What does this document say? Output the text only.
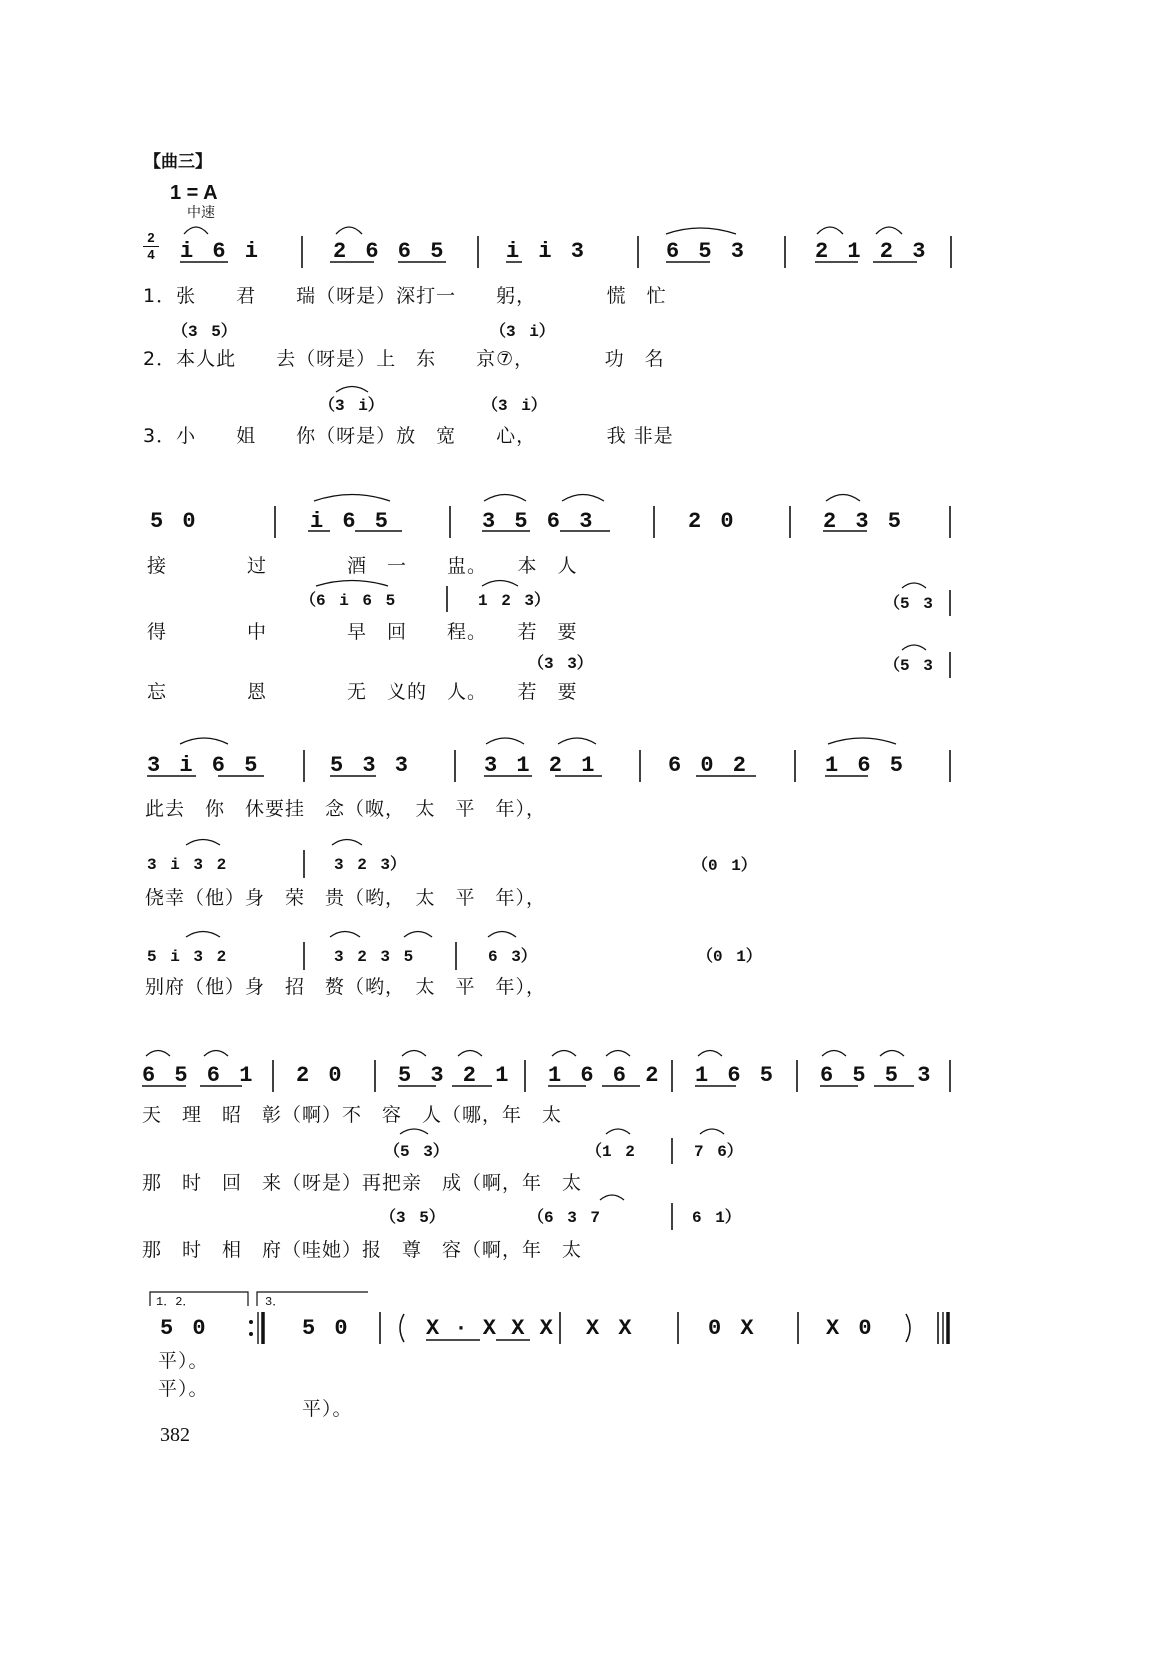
【曲三】
1 = A
中速
2
4 i 6 i	2 6 6 5	i i 3	6 5 3	2 1 2 3
1．张　　君　　瑞（呀是）深打一　　躬，　　　　慌　忙
（3 5）	（3 i）
2．本人此　　去（呀是）上　东　　京⑦，　　　　功　名
（3 i）	（3 i）
3．小　　姐　　你（呀是）放　宽　　心，　　　　我 非是
5 0	i 6 5	3 5 6 3	2 0	2 3 5
接　　　　过　　　　酒　一　　盅。　　本　人
（6 i 6 5	1 2 3）	（5 3
得　　　　中　　　　早　回　　程。　　若　要
（3 3）	（5 3
忘　　　　恩　　　　无　义的　人。　　若　要
3 i 6 5	5 3 3	3 1 2 1	6 0 2	1 6 5
此去　你　休要挂　念（呶，　太　平　年），
3 i 3 2	3 2 3）	（0 1）
侥幸（他）身　荣　贵（哟，　太　平　年），
5 i 3 2	3 2 3 5	6 3）	（0 1）
别府（他）身　招　赘（哟，　太　平　年），
6 5 6 1 2 0	5 3 2 1 1 6 6 2 1 6 5 6 5 5 3
天　理　昭　彰（啊）不　容　人（哪，年　太
（5 3）	（1 2	7 6）
那　时　回　来（呀是）再把亲　成（啊，年　太
（3 5）	（6 3 7	6 1）
那　时　相　府（哇她）报　尊　容（啊，年　太
1．2．	3．
5 0	5 0	X · X X X X X	0 X	X 0
平）。
平）。
平）。
382
